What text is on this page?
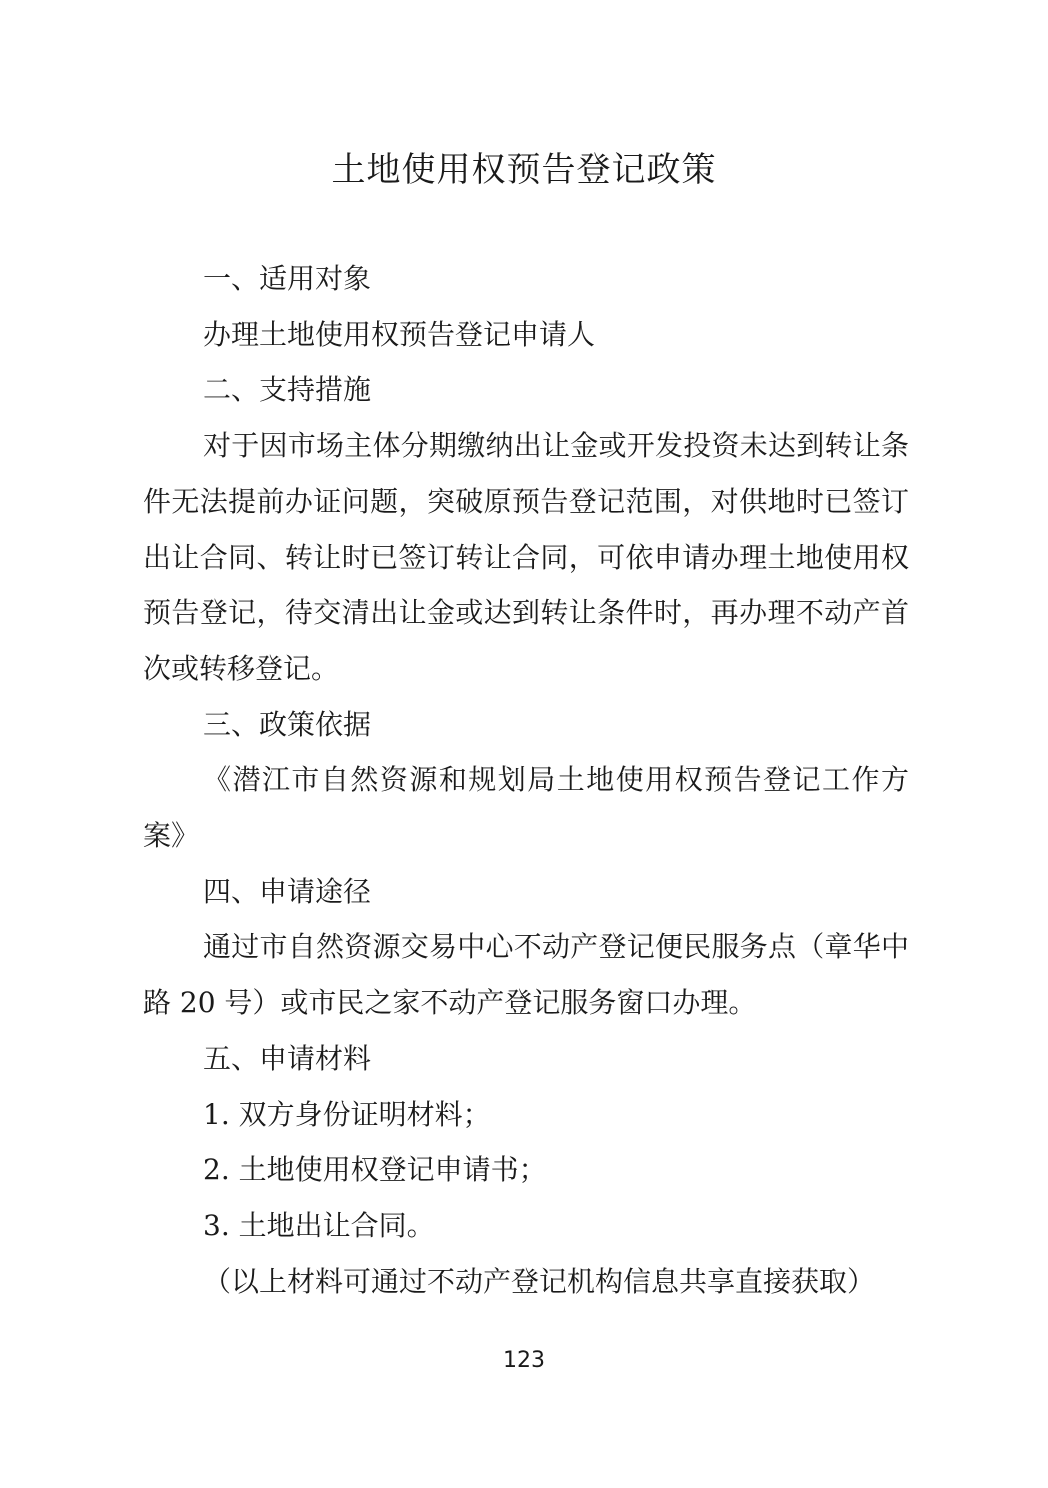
土地使用权预告登记政策

一、适用对象

办理土地使用权预告登记申请人

二、支持措施

对于因市场主体分期缴纳出让金或开发投资未达到转让条件无法提前办证问题，突破原预告登记范围，对供地时已签订出让合同、转让时已签订转让合同，可依申请办理土地使用权预告登记，待交清出让金或达到转让条件时，再办理不动产首次或转移登记。

三、政策依据

《潜江市自然资源和规划局土地使用权预告登记工作方案》

四、申请途径

通过市自然资源交易中心不动产登记便民服务点（章华中路 20 号）或市民之家不动产登记服务窗口办理。

五、申请材料

1. 双方身份证明材料；

2. 土地使用权登记申请书；

3. 土地出让合同。

（以上材料可通过不动产登记机构信息共享直接获取）

123
